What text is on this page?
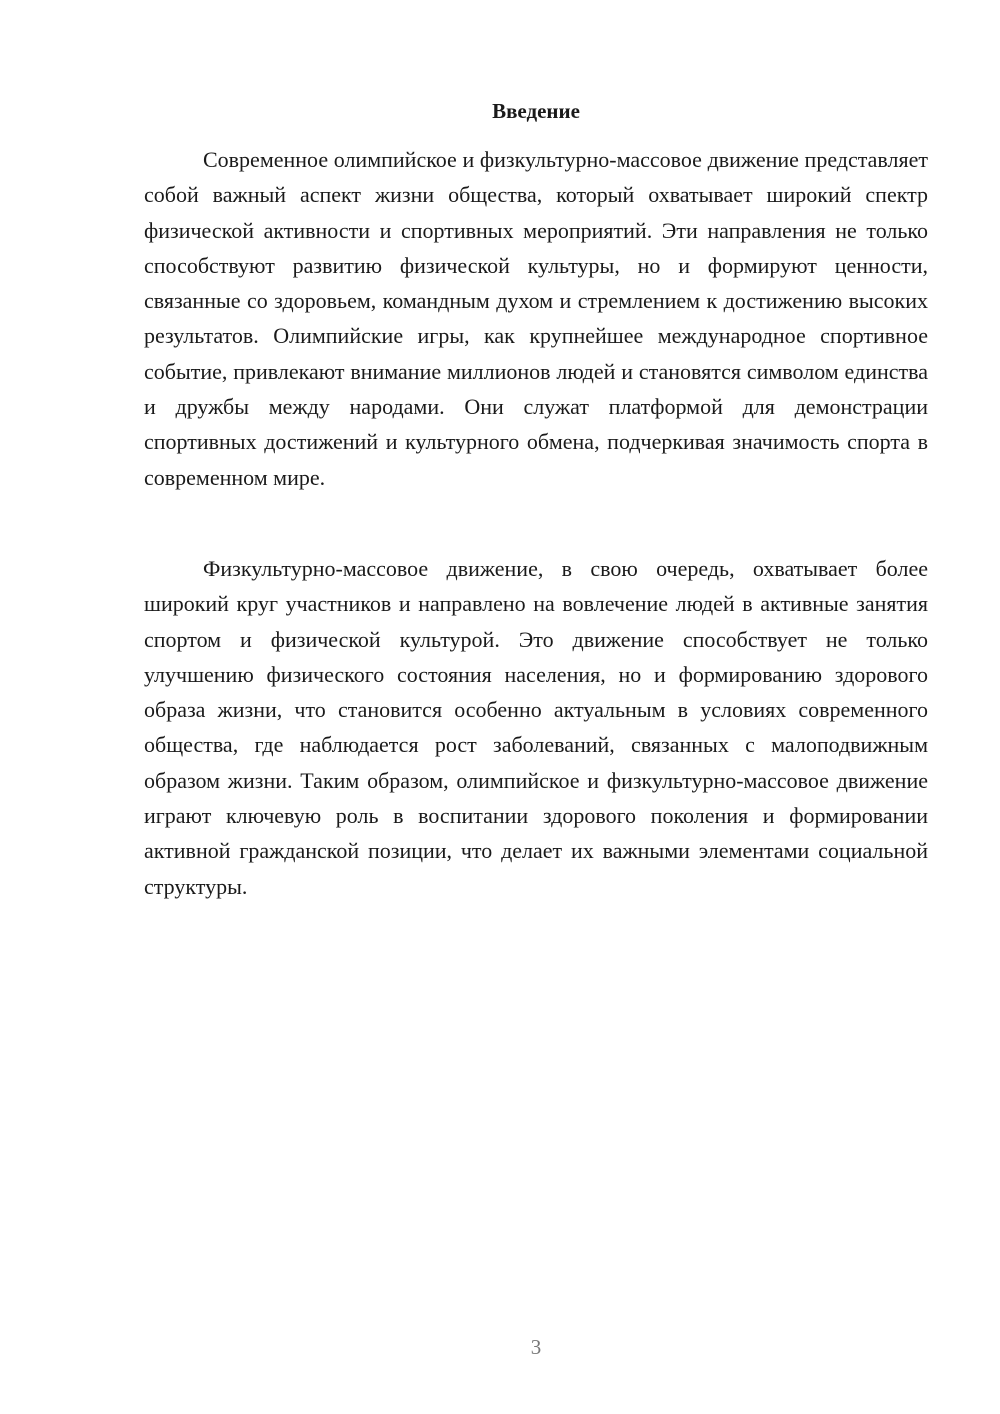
Введение

Современное олимпийское и физкультурно-массовое движение представляет собой важный аспект жизни общества, который охватывает широкий спектр физической активности и спортивных мероприятий. Эти направления не только способствуют развитию физической культуры, но и формируют ценности, связанные со здоровьем, командным духом и стремлением к достижению высоких результатов. Олимпийские игры, как крупнейшее международное спортивное событие, привлекают внимание миллионов людей и становятся символом единства и дружбы между народами. Они служат платформой для демонстрации спортивных достижений и культурного обмена, подчеркивая значимость спорта в современном мире.

Физкультурно-массовое движение, в свою очередь, охватывает более широкий круг участников и направлено на вовлечение людей в активные занятия спортом и физической культурой. Это движение способствует не только улучшению физического состояния населения, но и формированию здорового образа жизни, что становится особенно актуальным в условиях современного общества, где наблюдается рост заболеваний, связанных с малоподвижным образом жизни. Таким образом, олимпийское и физкультурно-массовое движение играют ключевую роль в воспитании здорового поколения и формировании активной гражданской позиции, что делает их важными элементами социальной структуры.

3
